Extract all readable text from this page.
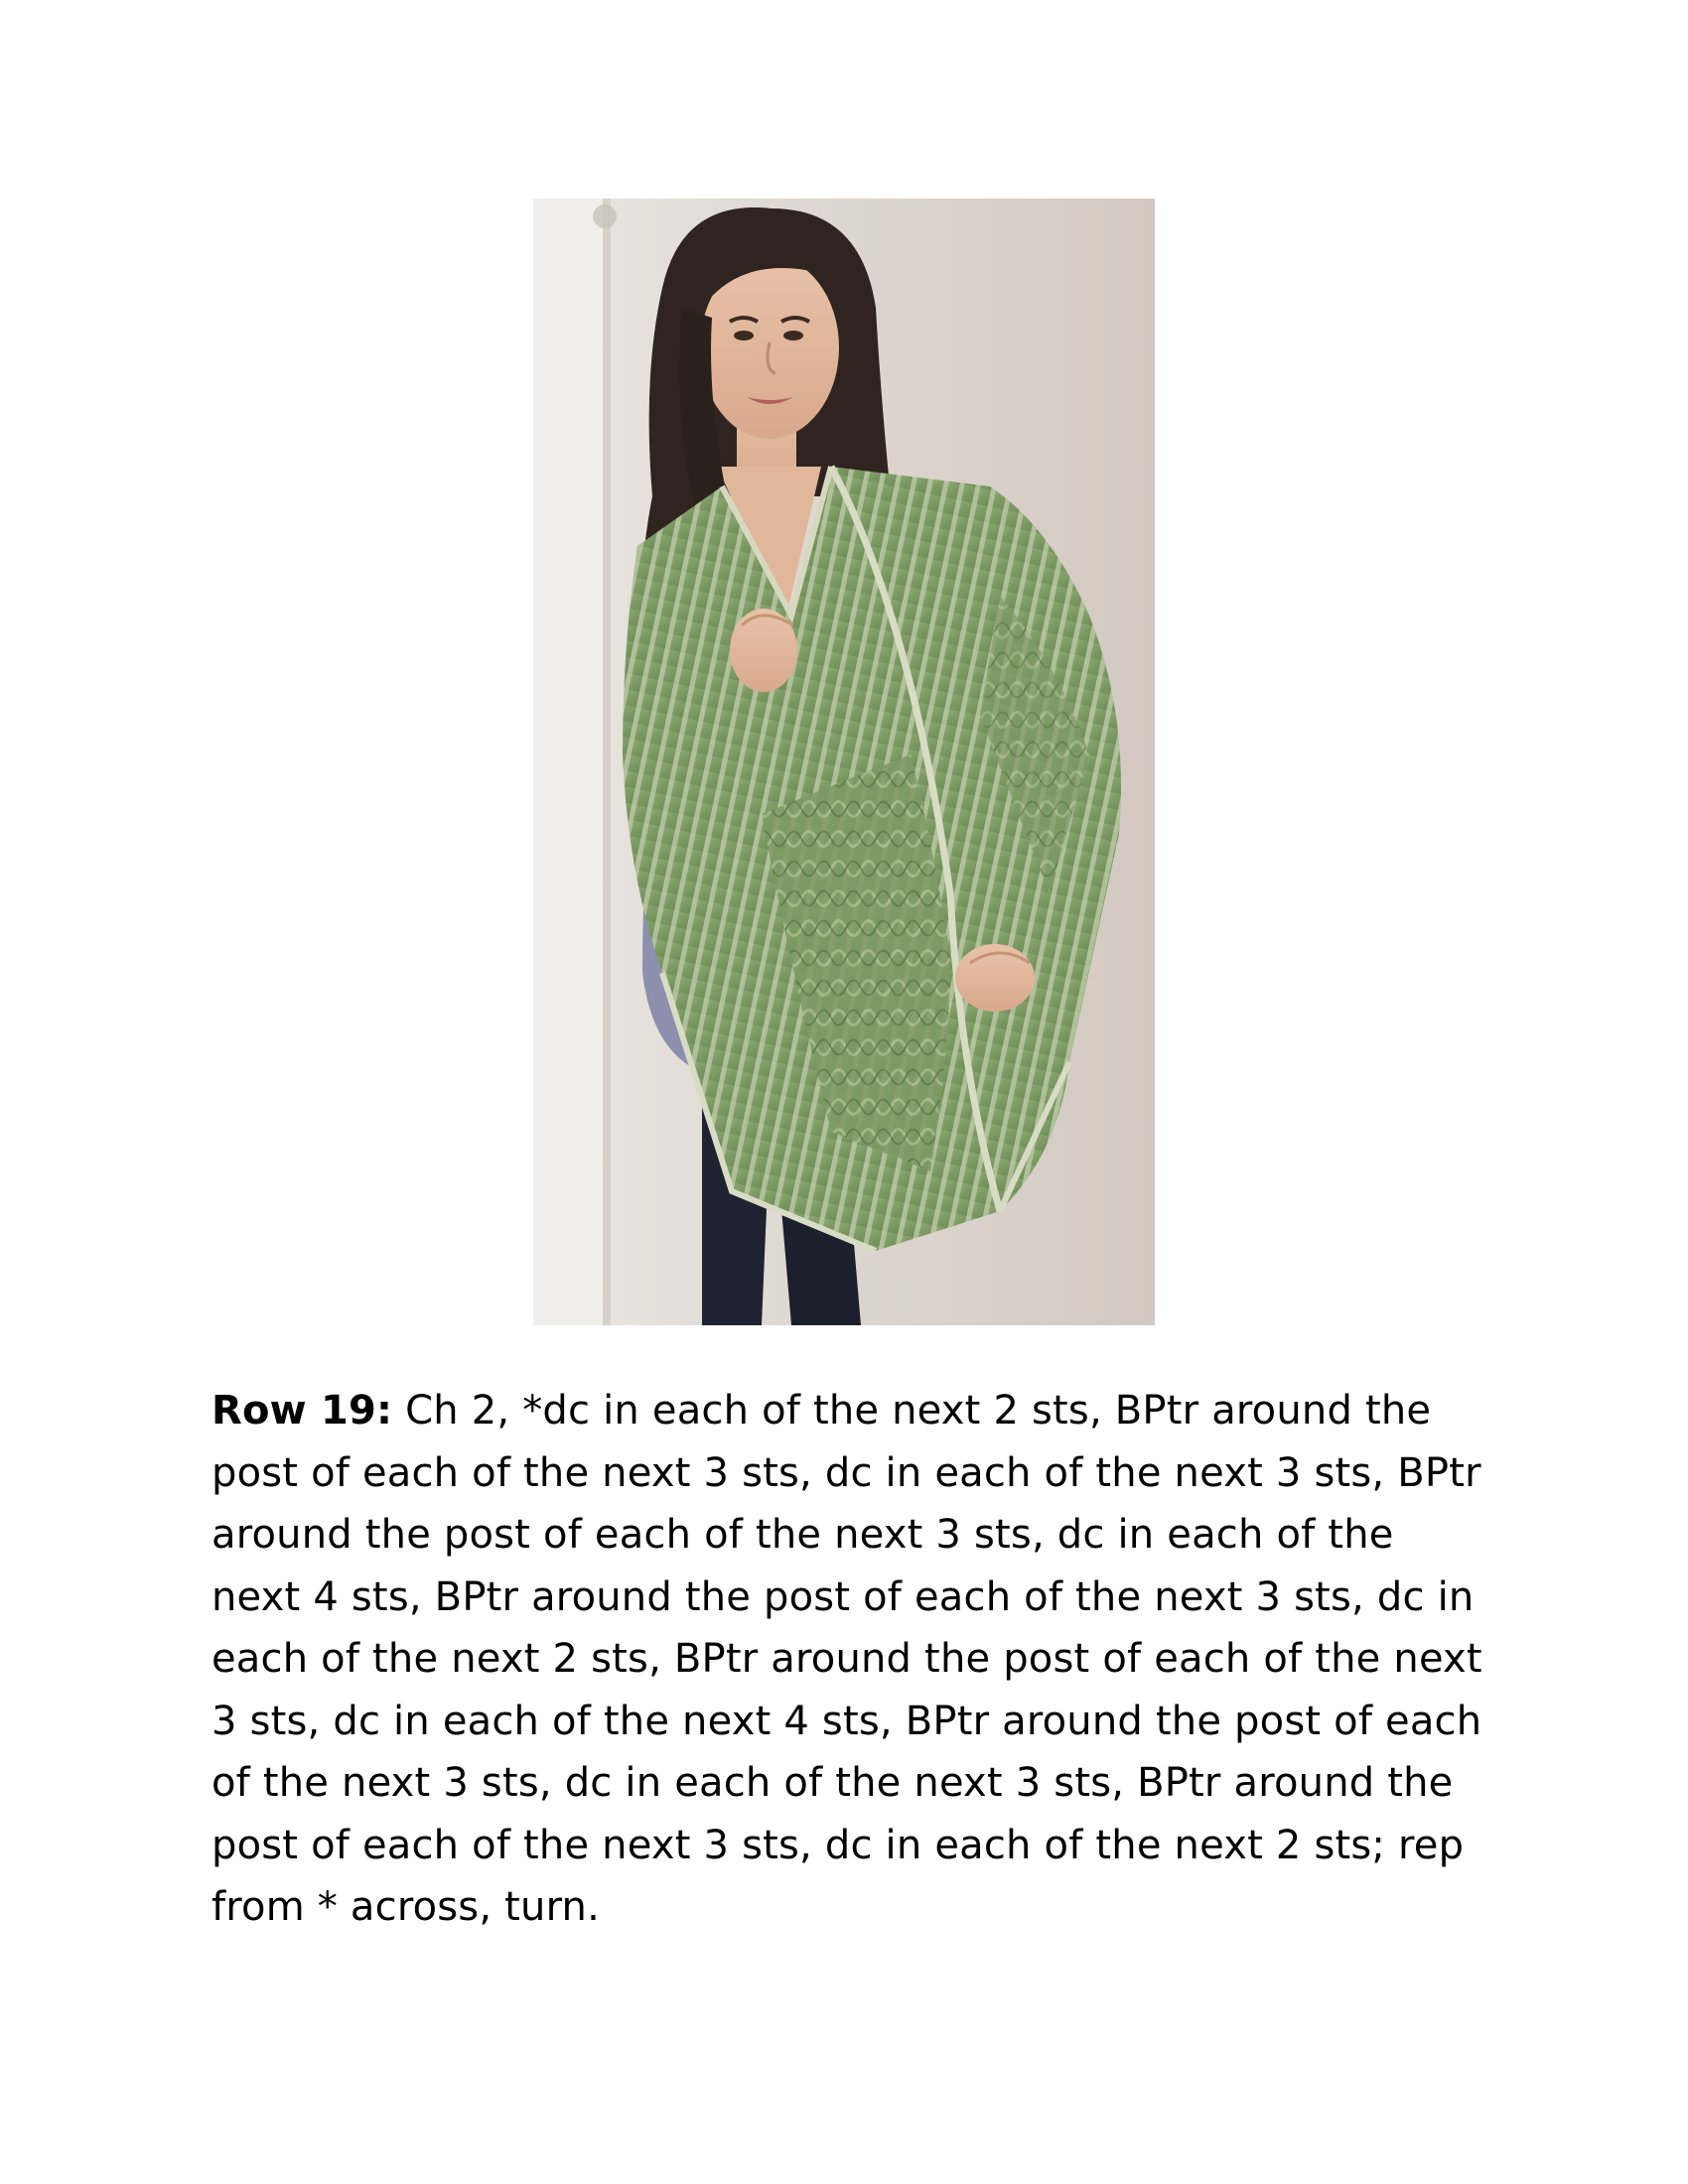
Row 19: Ch 2, *dc in each of the next 2 sts, BPtr around the post of each of the next 3 sts, dc in each of the next 3 sts, BPtr around the post of each of the next 3 sts, dc in each of the next 4 sts, BPtr around the post of each of the next 3 sts, dc in each of the next 2 sts, BPtr around the post of each of the next 3 sts, dc in each of the next 4 sts, BPtr around the post of each of the next 3 sts, dc in each of the next 3 sts, BPtr around the post of each of the next 3 sts, dc in each of the next 2 sts; rep from * across, turn.
